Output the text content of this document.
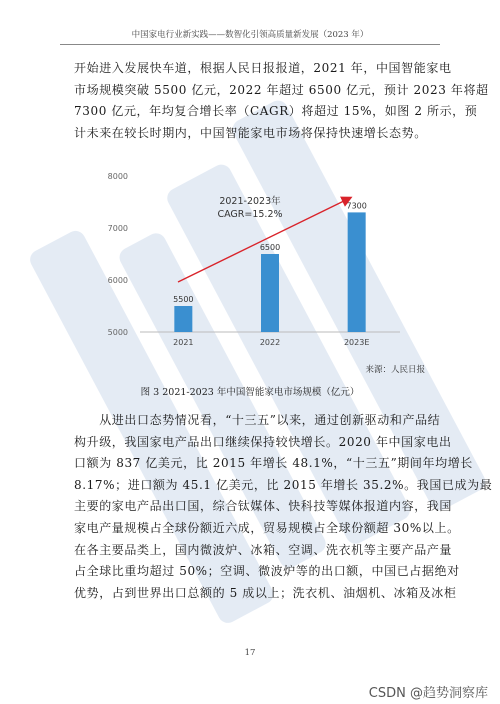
中国家电行业新实践——数智化引领高质量新发展（2023 年）

开始进入发展快车道，根据人民日报报道，2021 年，中国智能家电
市场规模突破 5500 亿元，2022 年超过 6500 亿元，预计 2023 年将超
7300 亿元，年均复合增长率（CAGR）将超过 15%，如图 2 所示，预
计未来在较长时期内，中国智能家电市场将保持快速增长态势。

5000
6000
7000
8000
5500
6500
7300
2021	2022	2023E
2021-2023年
CAGR=15.2%
来源：人民日报
图 3 2021-2023 年中国智能家电市场规模（亿元）

　　从进出口态势情况看，“十三五”以来，通过创新驱动和产品结
构升级，我国家电产品出口继续保持较快增长。2020 年中国家电出
口额为 837 亿美元，比 2015 年增长 48.1%，“十三五”期间年均增长
8.17%；进口额为 45.1 亿美元，比 2015 年增长 35.2%。我国已成为最
主要的家电产品出口国，综合钛媒体、快科技等媒体报道内容，我国
家电产量规模占全球份额近六成，贸易规模占全球份额超 30%以上。
在各主要品类上，国内微波炉、冰箱、空调、洗衣机等主要产品产量
占全球比重均超过 50%；空调、微波炉等的出口额，中国已占据绝对
优势，占到世界出口总额的 5 成以上；洗衣机、油烟机、冰箱及冰柜

17
CSDN @趋势洞察库
